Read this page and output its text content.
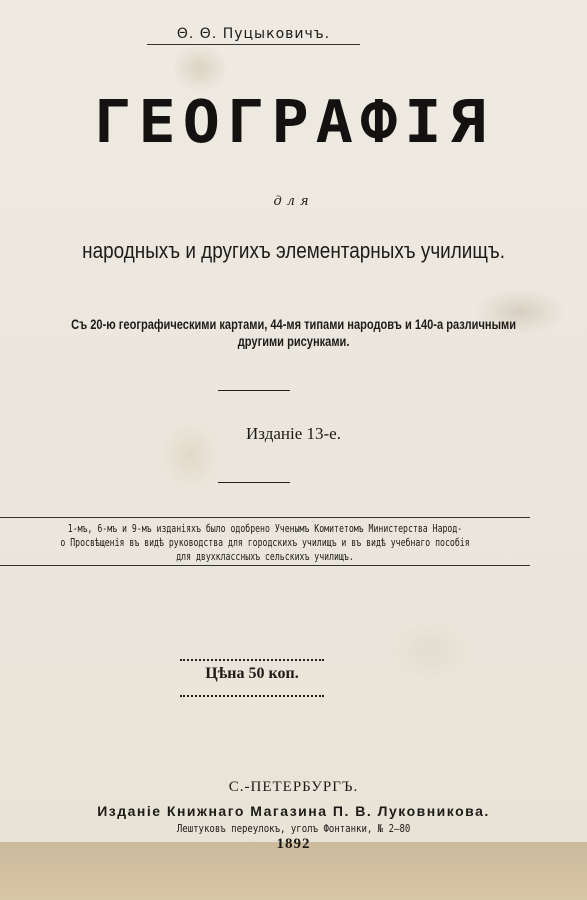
Θ. Θ. Пуцыковичъ.
ГЕОГРАФІЯ
для
народныхъ и другихъ элементарныхъ училищъ.
Съ 20-ю географическими картами, 44-мя типами народовъ и 140-а различными
другими рисунками.
Изданіе 13-е.
1-мъ, 6-мъ и 9-мъ изданіяхъ было одобрено Ученымъ Комитетомъ Министерства Народ-
о Просвѣщенія въ видѣ руководства для городскихъ училищъ и въ видѣ учебнаго пособія
для двухклассныхъ сельскихъ училищъ.
Цѣна 50 коп.
С.-ПЕТЕРБУРГЪ.
Изданіе Книжнаго Магазина П. В. Луковникова.
Лештуковъ переулокъ, уголъ Фонтанки, № 2—80
1892
